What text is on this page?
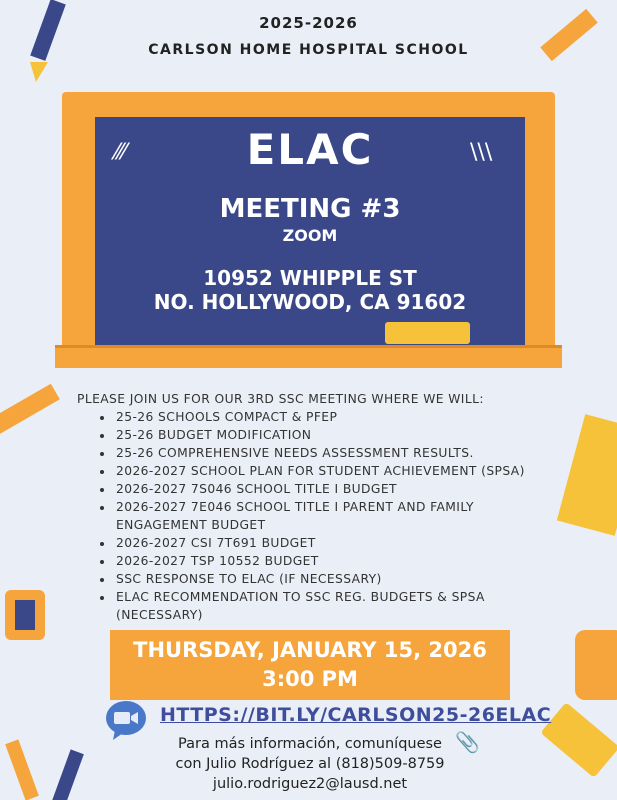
2025-2026
CARLSON HOME HOSPITAL SCHOOL
⁄⁄⁄	\\\
ELAC
MEETING #3
ZOOM
10952 WHIPPLE ST
NO. HOLLYWOOD, CA 91602
PLEASE JOIN US FOR OUR 3RD SSC MEETING WHERE WE WILL:
• 25-26 SCHOOLS COMPACT & PFEP
• 25-26 BUDGET MODIFICATION
• 25-26 COMPREHENSIVE NEEDS ASSESSMENT RESULTS.
• 2026-2027 SCHOOL PLAN FOR STUDENT ACHIEVEMENT (SPSA)
• 2026-2027 7S046 SCHOOL TITLE I BUDGET
• 2026-2027 7E046 SCHOOL TITLE I PARENT AND FAMILY ENGAGEMENT BUDGET
• 2026-2027 CSI 7T691 BUDGET
• 2026-2027 TSP 10552 BUDGET
• SSC RESPONSE TO ELAC (IF NECESSARY)
• ELAC RECOMMENDATION TO SSC REG. BUDGETS & SPSA (NECESSARY)
THURSDAY, JANUARY 15, 2026
3:00 PM
HTTPS://BIT.LY/CARLSON25-26ELAC
Para más información, comuníquese
con Julio Rodríguez al (818)509-8759
julio.rodriguez2@lausd.net
📎
